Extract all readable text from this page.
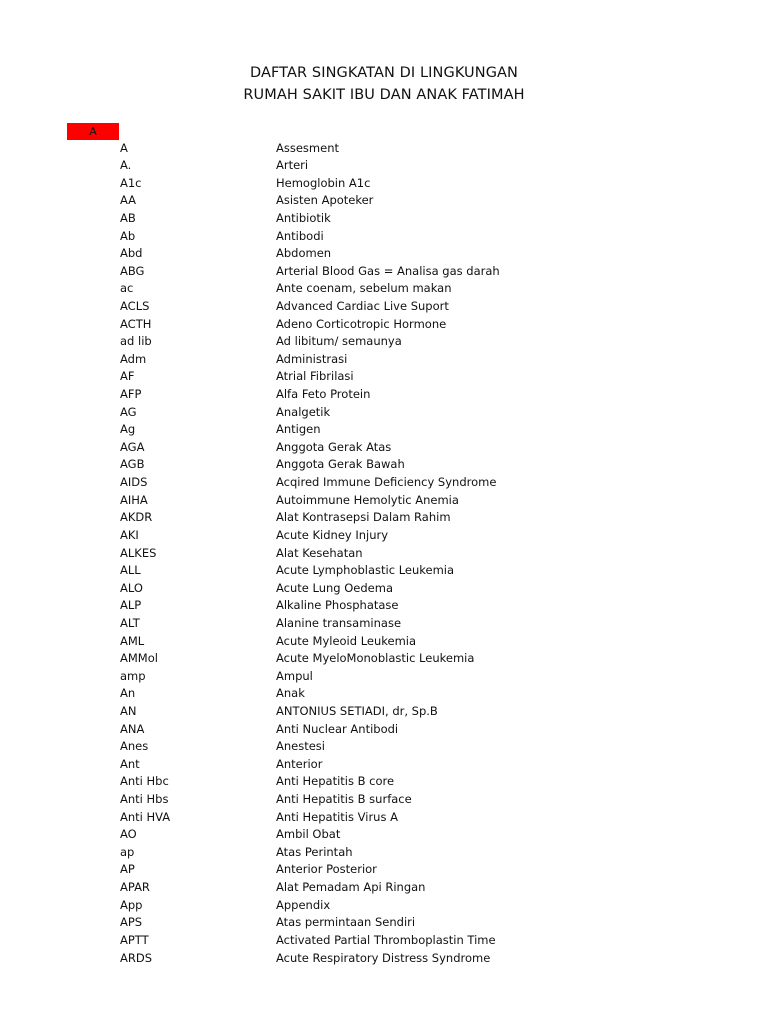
DAFTAR SINGKATAN DI LINGKUNGAN
RUMAH SAKIT IBU DAN ANAK FATIMAH
A
A	Assesment
A.	Arteri
A1c	Hemoglobin A1c
AA	Asisten Apoteker
AB	Antibiotik
Ab	Antibodi
Abd	Abdomen
ABG	Arterial Blood Gas = Analisa gas darah
ac	Ante coenam, sebelum makan
ACLS	Advanced Cardiac Live Suport
ACTH	Adeno Corticotropic Hormone
ad lib	Ad libitum/ semaunya
Adm	Administrasi
AF	Atrial Fibrilasi
AFP	Alfa Feto Protein
AG	Analgetik
Ag	Antigen
AGA	Anggota Gerak Atas
AGB	Anggota Gerak Bawah
AIDS	Acqired Immune Deficiency Syndrome
AIHA	Autoimmune Hemolytic Anemia
AKDR	Alat Kontrasepsi Dalam Rahim
AKI	Acute Kidney Injury
ALKES	Alat Kesehatan
ALL	Acute Lymphoblastic Leukemia
ALO	Acute Lung Oedema
ALP	Alkaline Phosphatase
ALT	Alanine transaminase
AML	Acute Myleoid Leukemia
AMMol	Acute MyeloMonoblastic Leukemia
amp	Ampul
An	Anak
AN	ANTONIUS SETIADI, dr, Sp.B
ANA	Anti Nuclear Antibodi
Anes	Anestesi
Ant	Anterior
Anti Hbc	Anti Hepatitis B core
Anti Hbs	Anti Hepatitis B surface
Anti HVA	Anti Hepatitis Virus A
AO	Ambil Obat
ap	Atas Perintah
AP	Anterior Posterior
APAR	Alat Pemadam Api Ringan
App	Appendix
APS	Atas permintaan Sendiri
APTT	Activated Partial Thromboplastin Time
ARDS	Acute Respiratory Distress Syndrome
